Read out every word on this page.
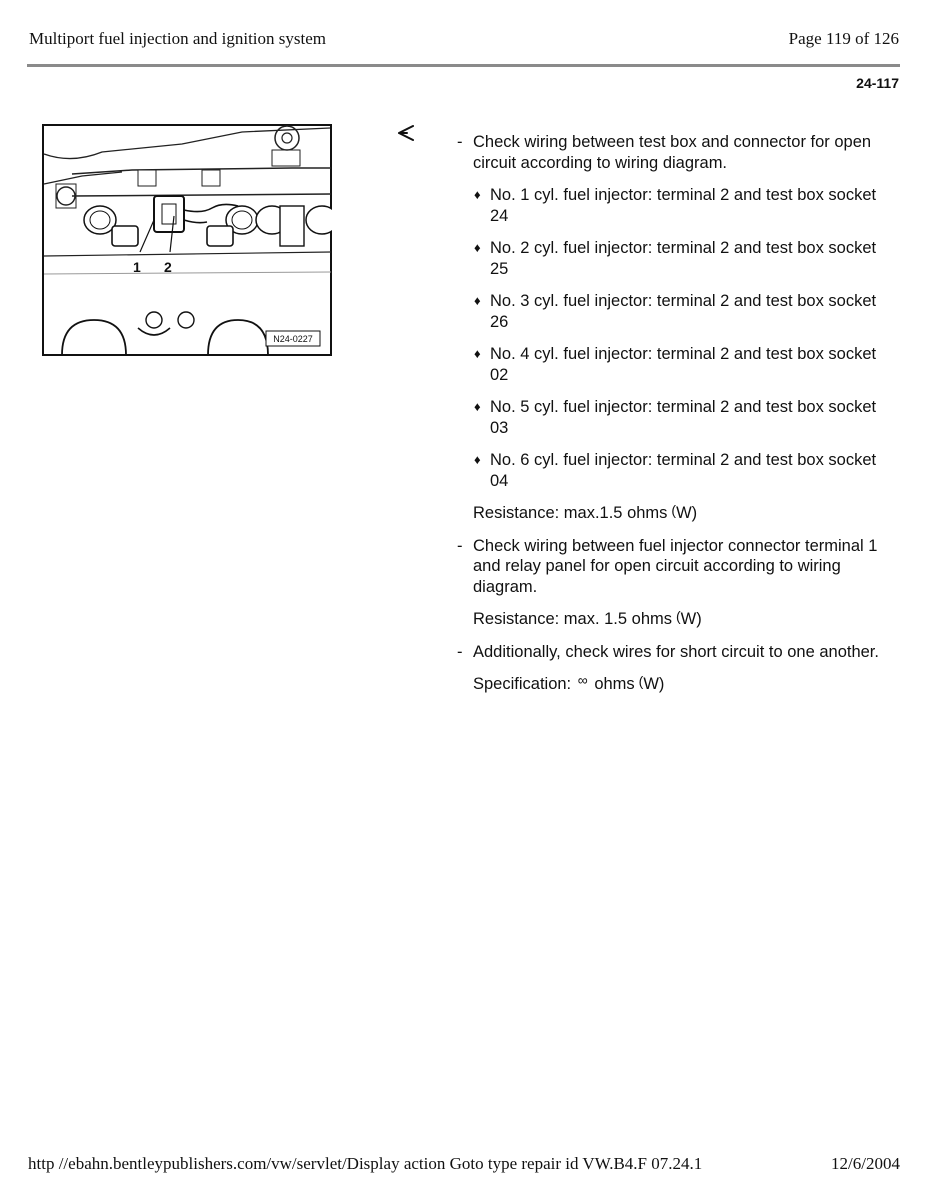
Multiport fuel injection and ignition system	Page 119 of 126
24-117
1 2
N24-0227
- Check wiring between test box and connector for open circuit according to wiring diagram.
♦ No. 1 cyl. fuel injector: terminal 2 and test box socket 24
♦ No. 2 cyl. fuel injector: terminal 2 and test box socket 25
♦ No. 3 cyl. fuel injector: terminal 2 and test box socket 26
♦ No. 4 cyl. fuel injector: terminal 2 and test box socket 02
♦ No. 5 cyl. fuel injector: terminal 2 and test box socket 03
♦ No. 6 cyl. fuel injector: terminal 2 and test box socket 04

Resistance: max.1.5 ohms (W)

- Check wiring between fuel injector connector terminal 1 and relay panel for open circuit according to wiring diagram.

Resistance: max. 1.5 ohms (W)

- Additionally, check wires for short circuit to one another.

Specification: ∞ ohms (W)

http //ebahn.bentleypublishers.com/vw/servlet/Display action Goto type repair id VW.B4.F 07.24.1	12/6/2004
